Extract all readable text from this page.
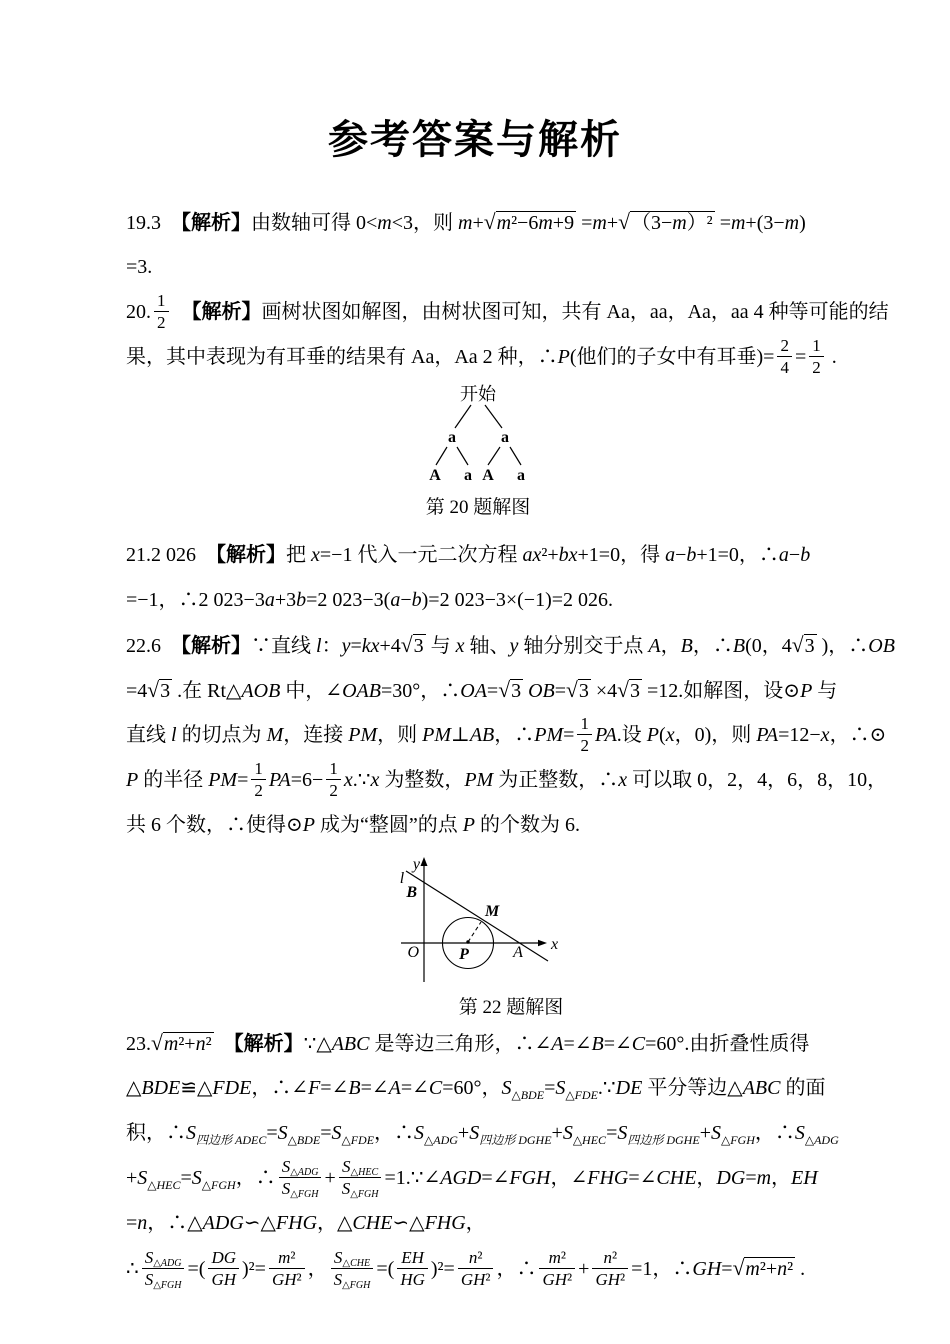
参考答案与解析
19.3　【解析】由数轴可得 0<m<3，则 m+√m²−6m+9 =m+√（3−m）² =m+(3−m)
=3.
20. $\frac{1}{2}$
　 【解析】画树状图如解图，由树状图可知，共有 Aa，aa，Aa，aa 4 种等可能的结
果，其中表现为有耳垂的结果有 Aa，Aa 2 种，∴P(他们的子女中有耳垂)= $\frac{2}{4} = \frac{1}{2}$ .
开始
a	a
A a A a
第 20 题解图
21.2 026　【解析】把 x=−1 代入一元二次方程 ax²+bx+1=0，得 a−b+1=0，∴a−b
=−1，∴2 023−3a+3b=2 023−3(a−b)=2 023−3×(−1)=2 026.
22.6　【解析】∵直线 l：y=kx+4√3 与 x 轴、y 轴分别交于点 A，B，∴B(0，4√3 )，∴OB
=4√3 .在 Rt△AOB 中，∠OAB=30°，∴OA=√3 OB=√3 ×4√3 =12.如解图，设⊙P 与
直线 l 的切点为 M，连接 PM，则 PM⊥AB，∴PM= $\frac{1}{2}$ PA.设 P(x，0)，则 PA=12−x，∴⊙
P 的半径 $PM= \frac{1}{2} PA=6- \frac{1}{2}$ x.∵x 为整数，PM 为正整数，∴x 可以取 0，2，4，6，8，10，
共 6 个数，∴使得⊙P 成为“整圆”的点 P 的个数为 6.
y
l
B
M
O	P	A x
第 22 题解图
23.√m²+n²　 【解析】∵△ABC 是等边三角形，∴∠A=∠B=∠C=60°.由折叠性质得
△BDE≌△FDE，∴∠F=∠B=∠A=∠C=60°，$S_{\triangle BDE}=S_{\triangle FDE}.\because DE$ 平分等边△ABC 的面
积，$\therefore S_{四边形 ADEC}=S_{\triangle BDE}=S_{\triangle FDE}$，$\therefore S_{\triangle ADG}+S_{四边形 DGHE}+S_{\triangle HEC}=S_{四边形 DGHE}+S_{\triangle FGH}$，$\therefore S_{\triangle ADG}$
$+S_{\triangle HEC}=S_{\triangle FGH}$，∴ $\frac{S_{\triangle ADG}}{S_{\triangle FGH}} + \frac{S_{\triangle HEC}}{S_{\triangle FGH}}$ =1.∵∠AGD=∠FGH，∠FHG=∠CHE，DG=m，EH
=n，∴△ADG∽△FHG，△CHE∽△FHG，
∴ $\frac{S_{\triangle ADG}}{S_{\triangle FGH}}$ =( $\frac{DG}{GH} )^2= \frac{\text{m²}}{\text{GH²}}$ ， $\frac{S_{\triangle CHE}}{S_{\triangle FGH}}$ =( $\frac{EH}{HG} )^2= \frac{\text{n²}}{\text{GH²}}$ ，∴ $\frac{\text{m²}}{\text{GH²}} + \frac{\text{n²}}{\text{GH²}} =1$，∴GH=√m²+n² .
